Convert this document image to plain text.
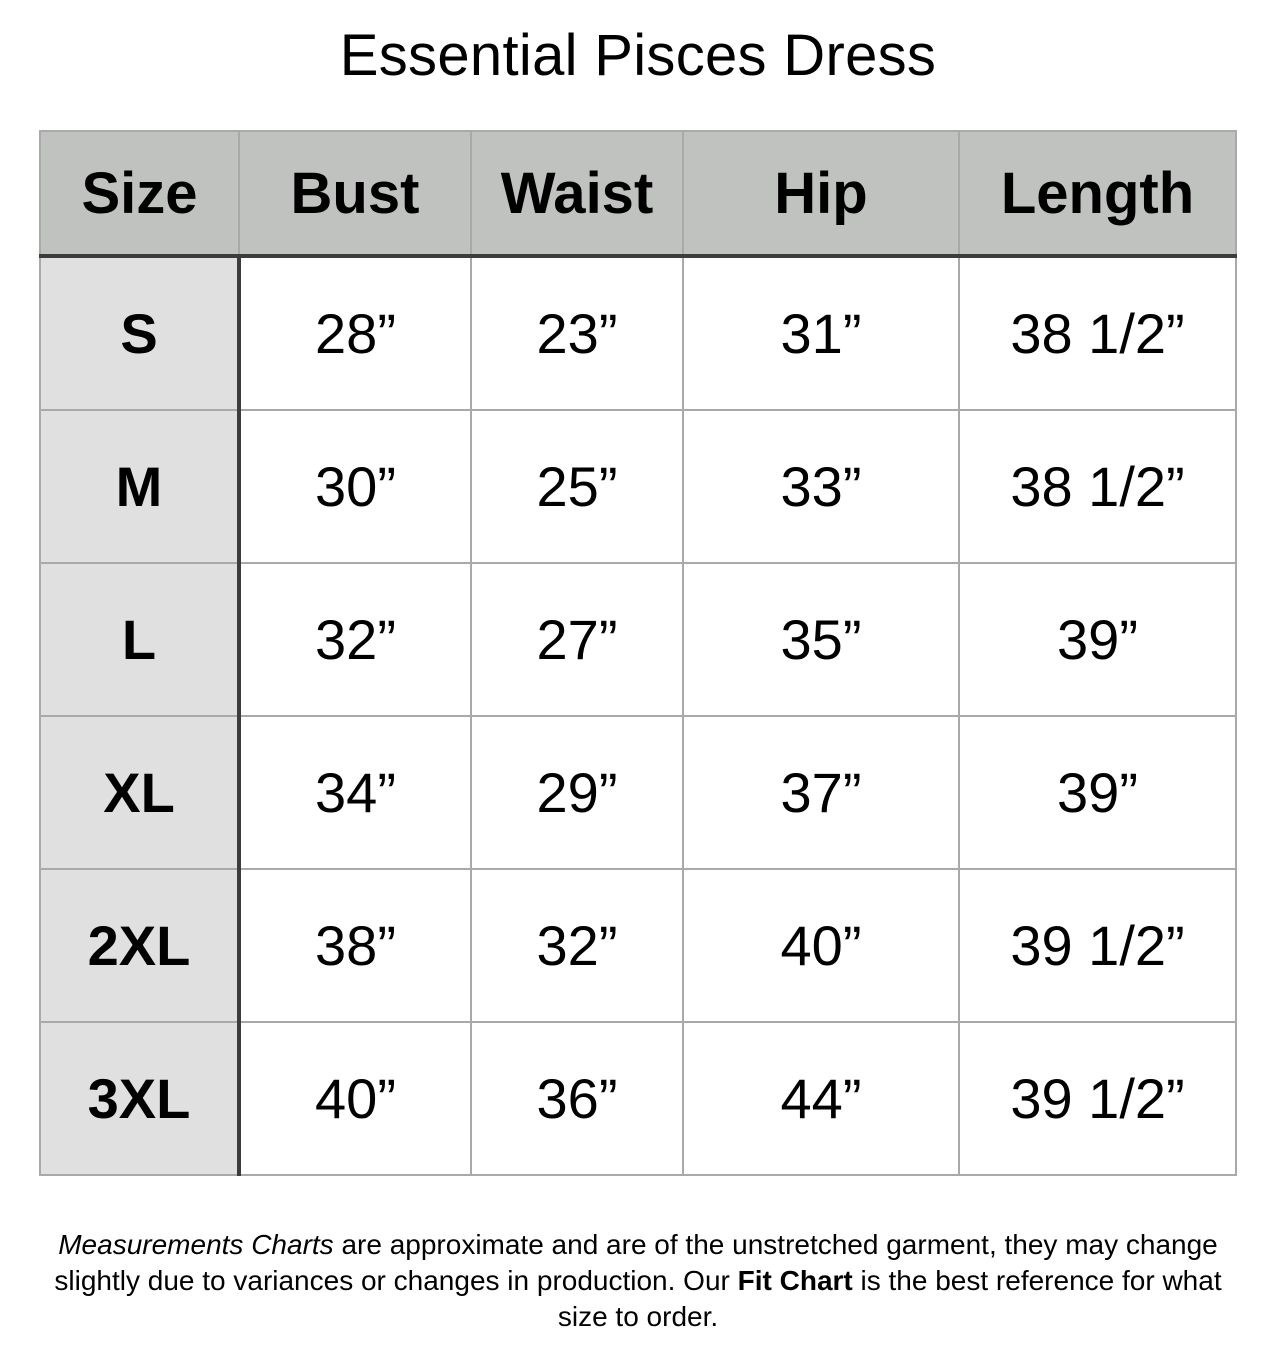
Essential Pisces Dress
Size	Bust	Waist	Hip	Length
S	28”	23”	31”	38 1/2”
M	30”	25”	33”	38 1/2”
L	32”	27”	35”	39”
XL	34”	29”	37”	39”
2XL	38”	32”	40”	39 1/2”
3XL	40”	36”	44”	39 1/2”

Measurements Charts are approximate and are of the unstretched garment, they may change slightly due to variances or changes in production. Our Fit Chart is the best reference for what size to order.
